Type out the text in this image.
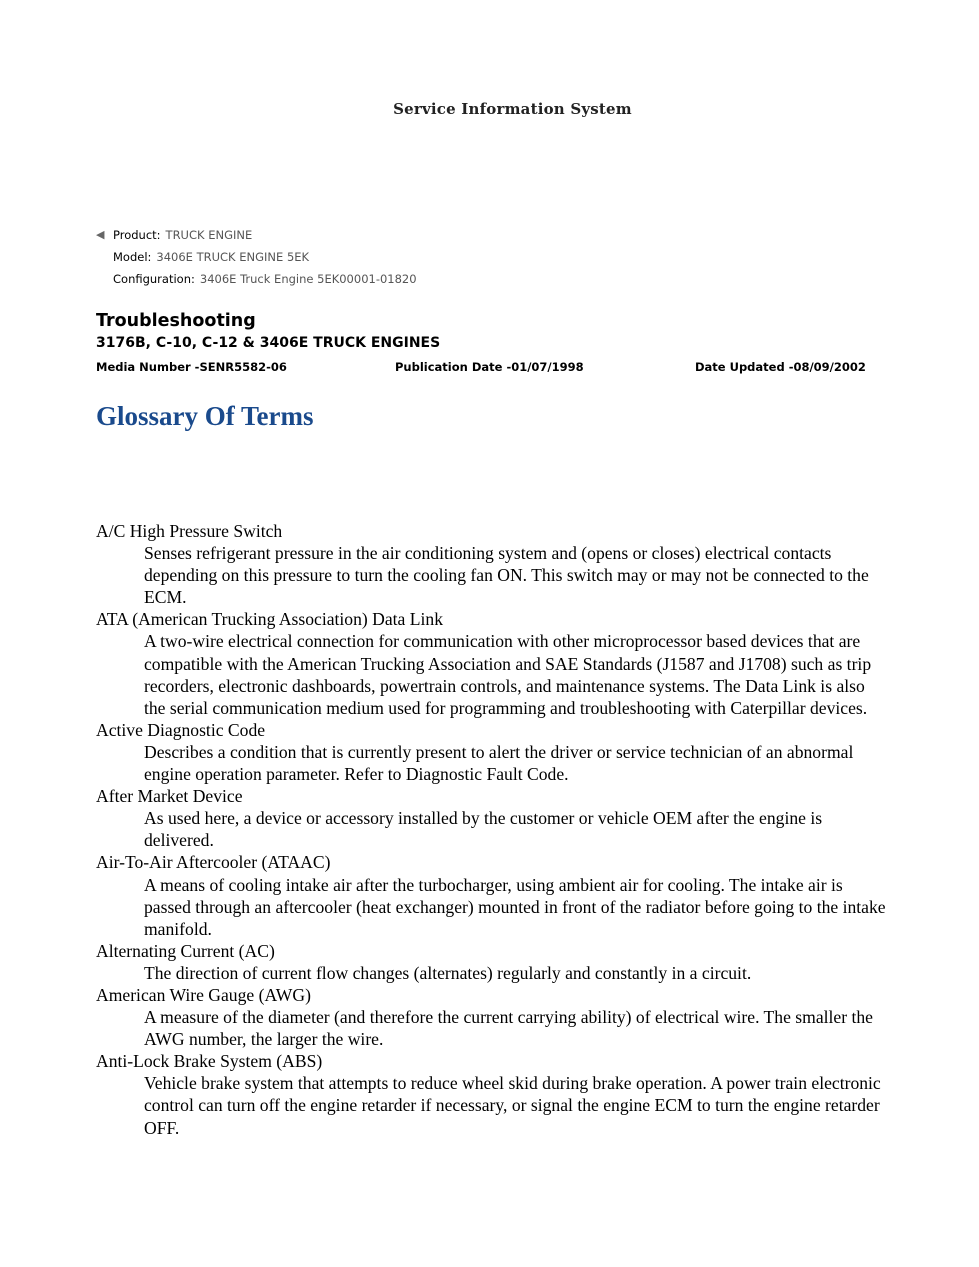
Service Information System
◀ Product: TRUCK ENGINE
Model: 3406E TRUCK ENGINE 5EK
Configuration: 3406E Truck Engine 5EK00001-01820
Troubleshooting
3176B, C-10, C-12 & 3406E TRUCK ENGINES
Media Number -SENR5582-06	Publication Date -01/07/1998	Date Updated -08/09/2002
Glossary Of Terms

A/C High Pressure Switch

Senses refrigerant pressure in the air conditioning system and (opens or closes) electrical contacts depending on this pressure to turn the cooling fan ON. This switch may or may not be connected to the ECM.

ATA (American Trucking Association) Data Link

A two-wire electrical connection for communication with other microprocessor based devices that are compatible with the American Trucking Association and SAE Standards (J1587 and J1708) such as trip recorders, electronic dashboards, powertrain controls, and maintenance systems. The Data Link is also the serial communication medium used for programming and troubleshooting with Caterpillar devices.

Active Diagnostic Code

Describes a condition that is currently present to alert the driver or service technician of an abnormal engine operation parameter. Refer to Diagnostic Fault Code.

After Market Device

As used here, a device or accessory installed by the customer or vehicle OEM after the engine is delivered.

Air-To-Air Aftercooler (ATAAC)

A means of cooling intake air after the turbocharger, using ambient air for cooling. The intake air is passed through an aftercooler (heat exchanger) mounted in front of the radiator before going to the intake manifold.

Alternating Current (AC)

The direction of current flow changes (alternates) regularly and constantly in a circuit.

American Wire Gauge (AWG)

A measure of the diameter (and therefore the current carrying ability) of electrical wire. The smaller the AWG number, the larger the wire.

Anti-Lock Brake System (ABS)

Vehicle brake system that attempts to reduce wheel skid during brake operation. A power train electronic control can turn off the engine retarder if necessary, or signal the engine ECM to turn the engine retarder OFF.
